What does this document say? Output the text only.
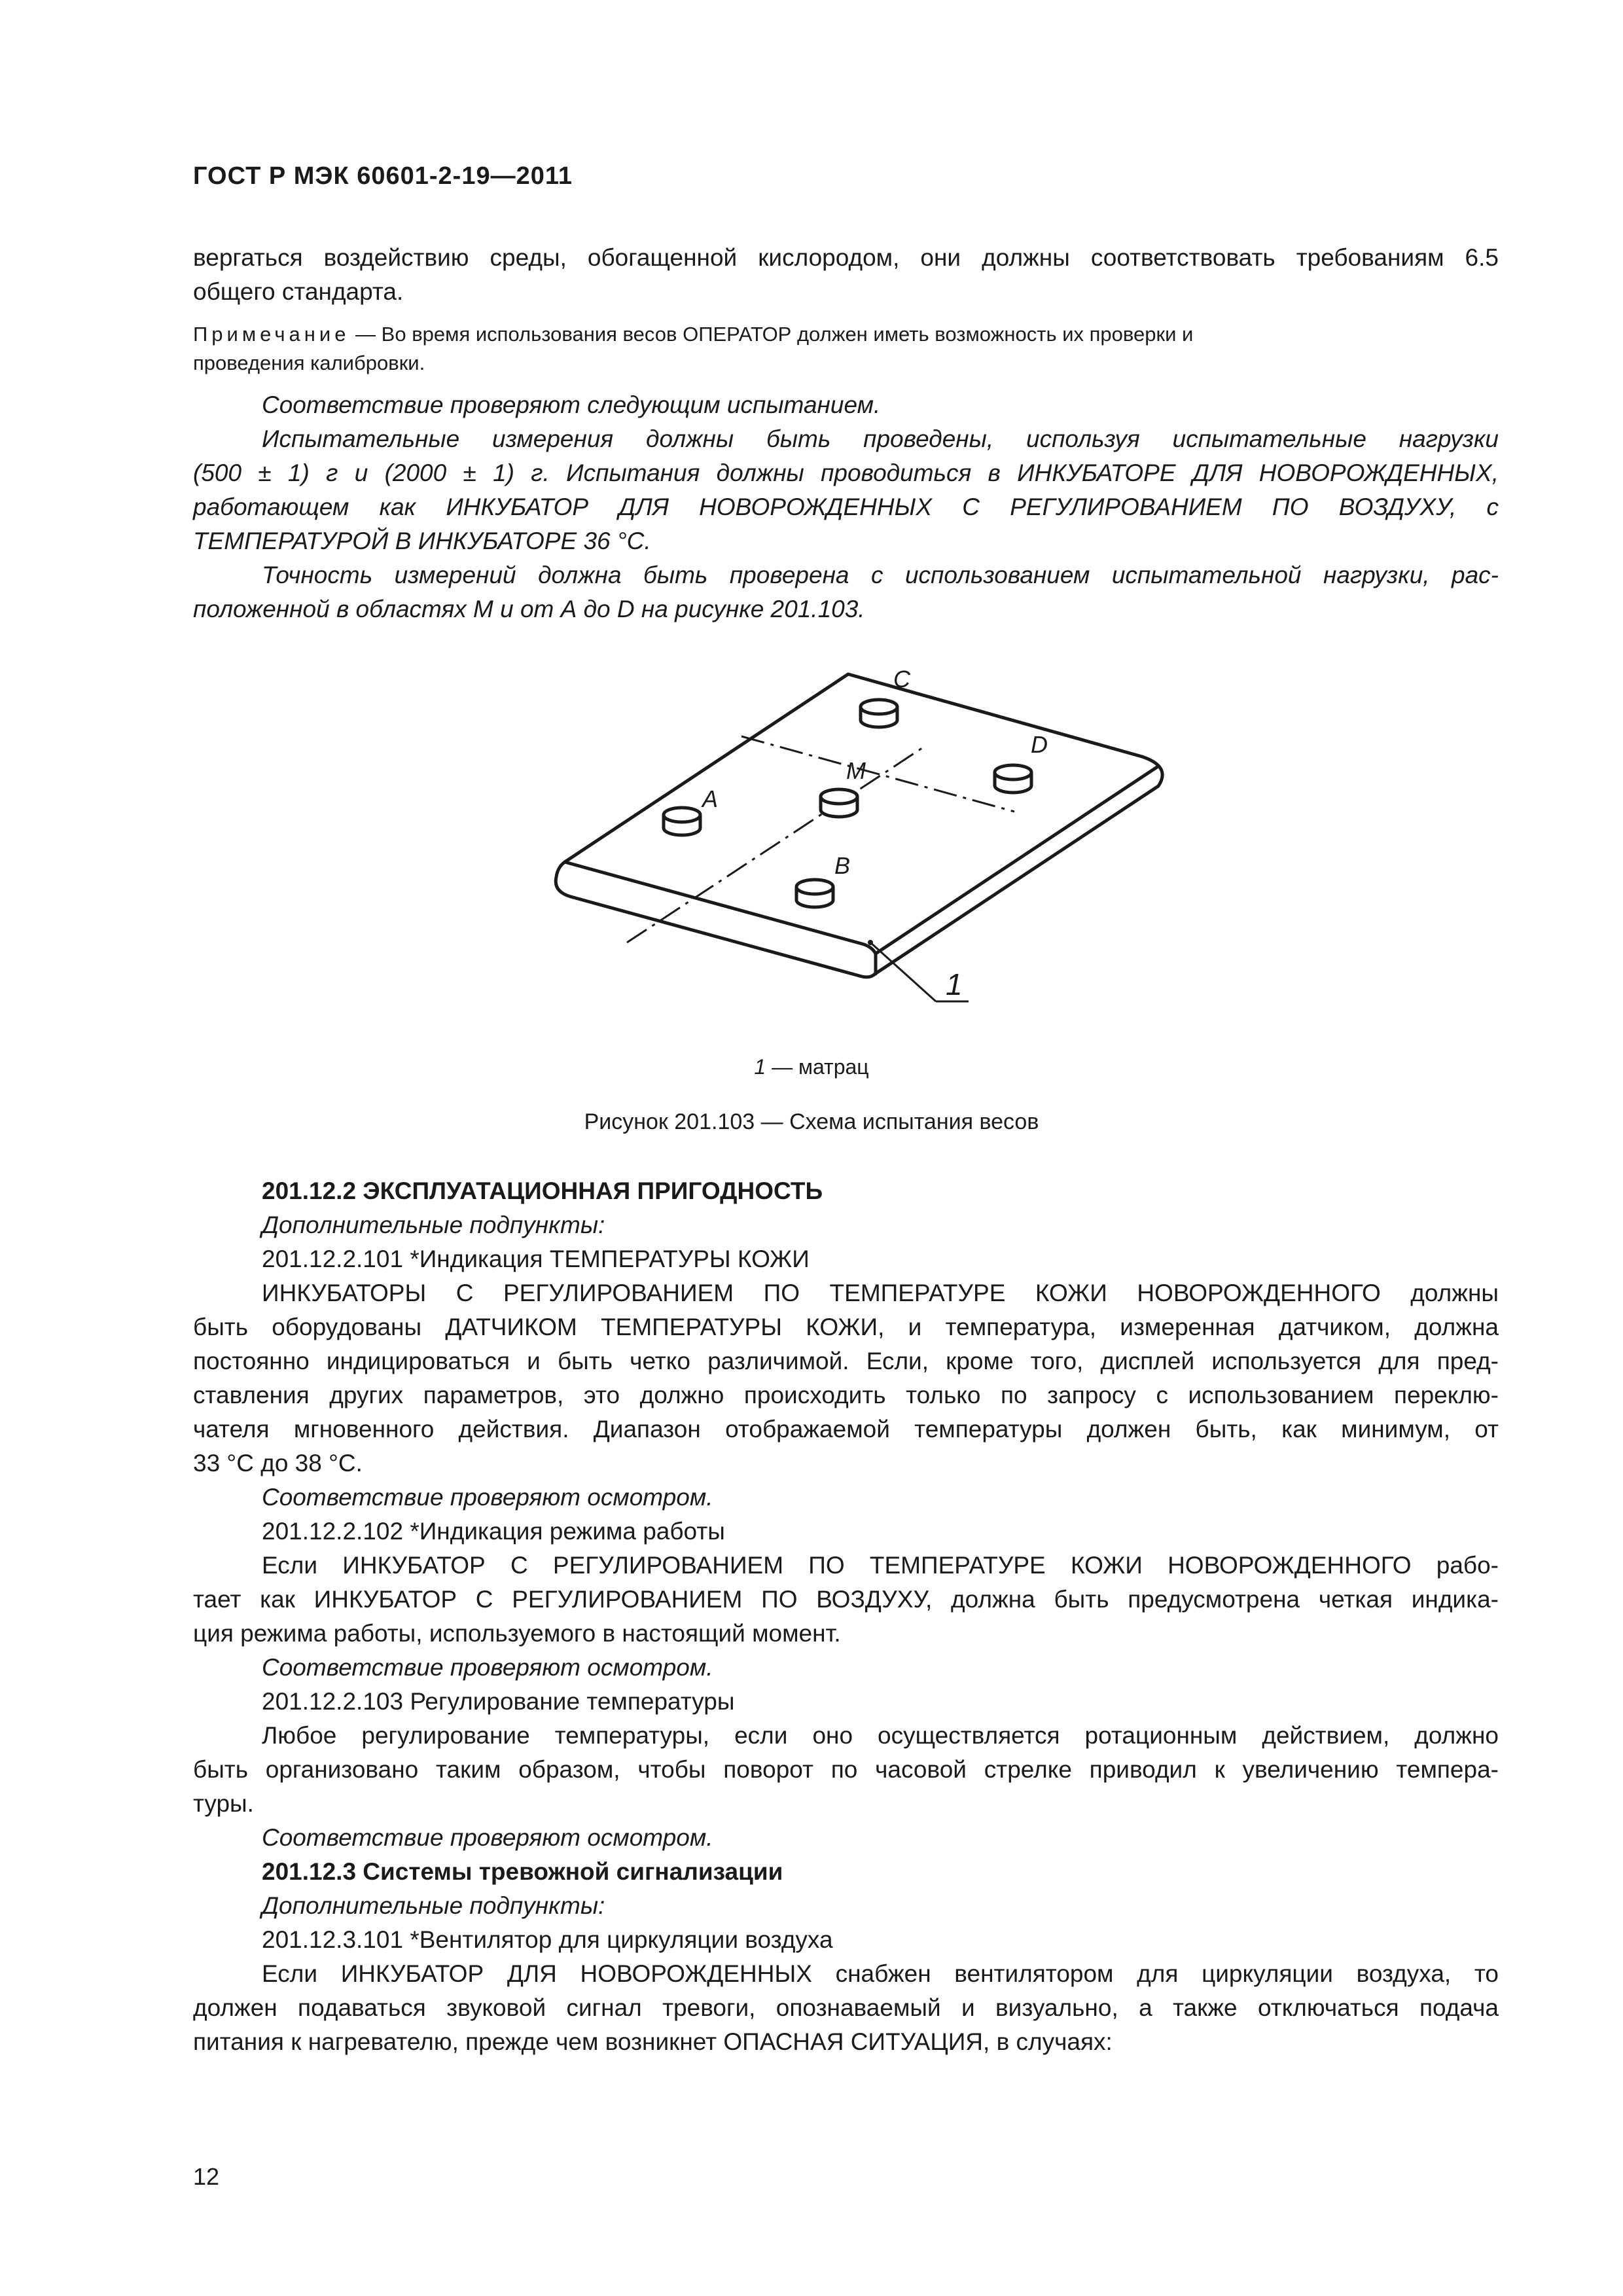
ГОСТ Р МЭК 60601-2-19—2011
вергаться воздействию среды, обогащенной кислородом, они должны соответствовать требованиям 6.5
общего стандарта.
Примечание — Во время использования весов ОПЕРАТОР должен иметь возможность их проверки и
проведения калибровки.
Соответствие проверяют следующим испытанием.
Испытательные измерения должны быть проведены, используя испытательные нагрузки
(500 ± 1) г и (2000 ± 1) г. Испытания должны проводиться в ИНКУБАТОРЕ ДЛЯ НОВОРОЖДЕННЫХ,
работающем как ИНКУБАТОР ДЛЯ НОВОРОЖДЕННЫХ С РЕГУЛИРОВАНИЕМ ПО ВОЗДУХУ, с
ТЕМПЕРАТУРОЙ В ИНКУБАТОРЕ 36 °С.
Точность измерений должна быть проверена с использованием испытательной нагрузки, рас-
положенной в областях М и от А до D на рисунке 201.103.
C
D
M
A
B
1
1 — матрац
Рисунок 201.103 — Схема испытания весов
201.12.2 ЭКСПЛУАТАЦИОННАЯ ПРИГОДНОСТЬ
Дополнительные подпункты:
201.12.2.101 *Индикация ТЕМПЕРАТУРЫ КОЖИ
ИНКУБАТОРЫ С РЕГУЛИРОВАНИЕМ ПО ТЕМПЕРАТУРЕ КОЖИ НОВОРОЖДЕННОГО должны
быть оборудованы ДАТЧИКОМ ТЕМПЕРАТУРЫ КОЖИ, и температура, измеренная датчиком, должна
постоянно индицироваться и быть четко различимой. Если, кроме того, дисплей используется для пред-
ставления других параметров, это должно происходить только по запросу с использованием переклю-
чателя мгновенного действия. Диапазон отображаемой температуры должен быть, как минимум, от
33 °С до 38 °С.
Соответствие проверяют осмотром.
201.12.2.102 *Индикация режима работы
Если ИНКУБАТОР С РЕГУЛИРОВАНИЕМ ПО ТЕМПЕРАТУРЕ КОЖИ НОВОРОЖДЕННОГО рабо-
тает как ИНКУБАТОР С РЕГУЛИРОВАНИЕМ ПО ВОЗДУХУ, должна быть предусмотрена четкая индика-
ция режима работы, используемого в настоящий момент.
Соответствие проверяют осмотром.
201.12.2.103 Регулирование температуры
Любое регулирование температуры, если оно осуществляется ротационным действием, должно
быть организовано таким образом, чтобы поворот по часовой стрелке приводил к увеличению темпера-
туры.
Соответствие проверяют осмотром.
201.12.3 Системы тревожной сигнализации
Дополнительные подпункты:
201.12.3.101 *Вентилятор для циркуляции воздуха
Если ИНКУБАТОР ДЛЯ НОВОРОЖДЕННЫХ снабжен вентилятором для циркуляции воздуха, то
должен подаваться звуковой сигнал тревоги, опознаваемый и визуально, а также отключаться подача
питания к нагревателю, прежде чем возникнет ОПАСНАЯ СИТУАЦИЯ, в случаях:
12
